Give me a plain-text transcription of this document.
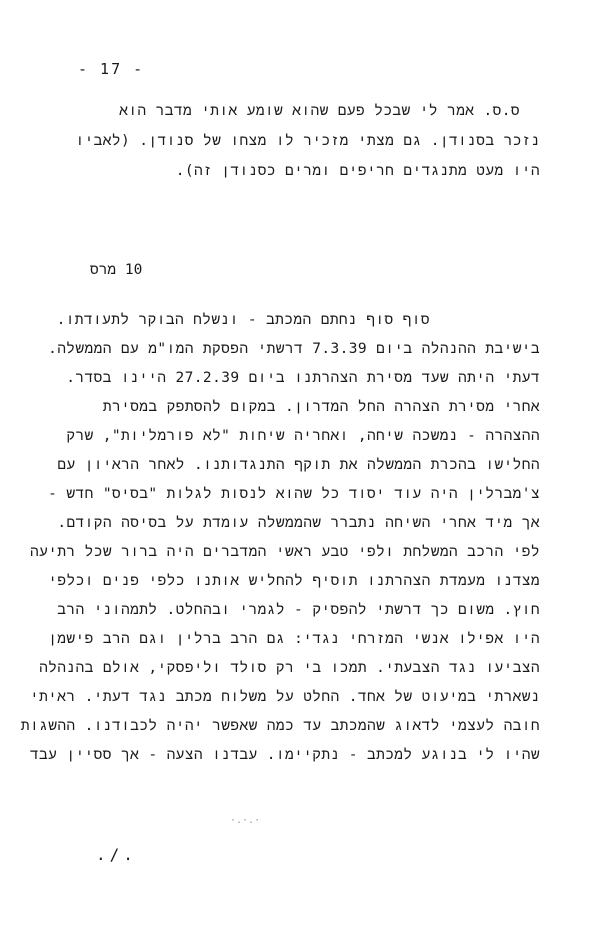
- 17 -
ס.ס. אמר לי שבכל פעם שהוא שומע אותי מדבר הוא
נזכר בסנודן. גם מצתי מזכיר לו מצחו של סנודן. (לאביו
היו מעט מתנגדים חריפים ומרים כסנודן זה).
10 מרס
סוף סוף נחתם המכתב - ונשלח הבוקר לתעודתו.
בישיבת ההנהלה ביום 7.3.39 דרשתי הפסקת המו"מ עם הממשלה.
דעתי היתה שעד מסירת הצהרתנו ביום 27.2.39 היינו בסדר.
אחרי מסירת הצהרה החל המדרון. במקום להסתפק במסירת
ההצהרה - נמשכה שיחה, ואחריה שיחות "לא פורמליות", שרק
החלישו בהכרת הממשלה את תוקף התנגדותנו. לאחר הראיון עם
צ'מברלין היה עוד יסוד כל שהוא לנסות לגלות "בסיס" חדש -
אך מיד אחרי השיחה נתברר שהממשלה עומדת על בסיסה הקודם.
לפי הרכב המשלחת ולפי טבע ראשי המדברים היה ברור שכל רתיעה
מצדנו מעמדת הצהרתנו תוסיף להחליש אותנו כלפי פנים וכלפי
חוץ. משום כך דרשתי להפסיק - לגמרי ובהחלט. לתמהוני הרב
היו אפילו אנשי המזרחי נגדי: גם הרב ברלין וגם הרב פישמן
הצביעו נגד הצבעתי. תמכו בי רק סולד וליפסקי, אולם בהנהלה
נשארתי במיעוט של אחד. החלט על משלוח מכתב נגד דעתי. ראיתי
חובה לעצמי לדאוג שהמכתב עד כמה שאפשר יהיה לכבודנו. ההשגות
שהיו לי בנוגע למכתב - נתקיימו. עבדנו הצעה - אך ססיין עבד
·.·.·
./.
